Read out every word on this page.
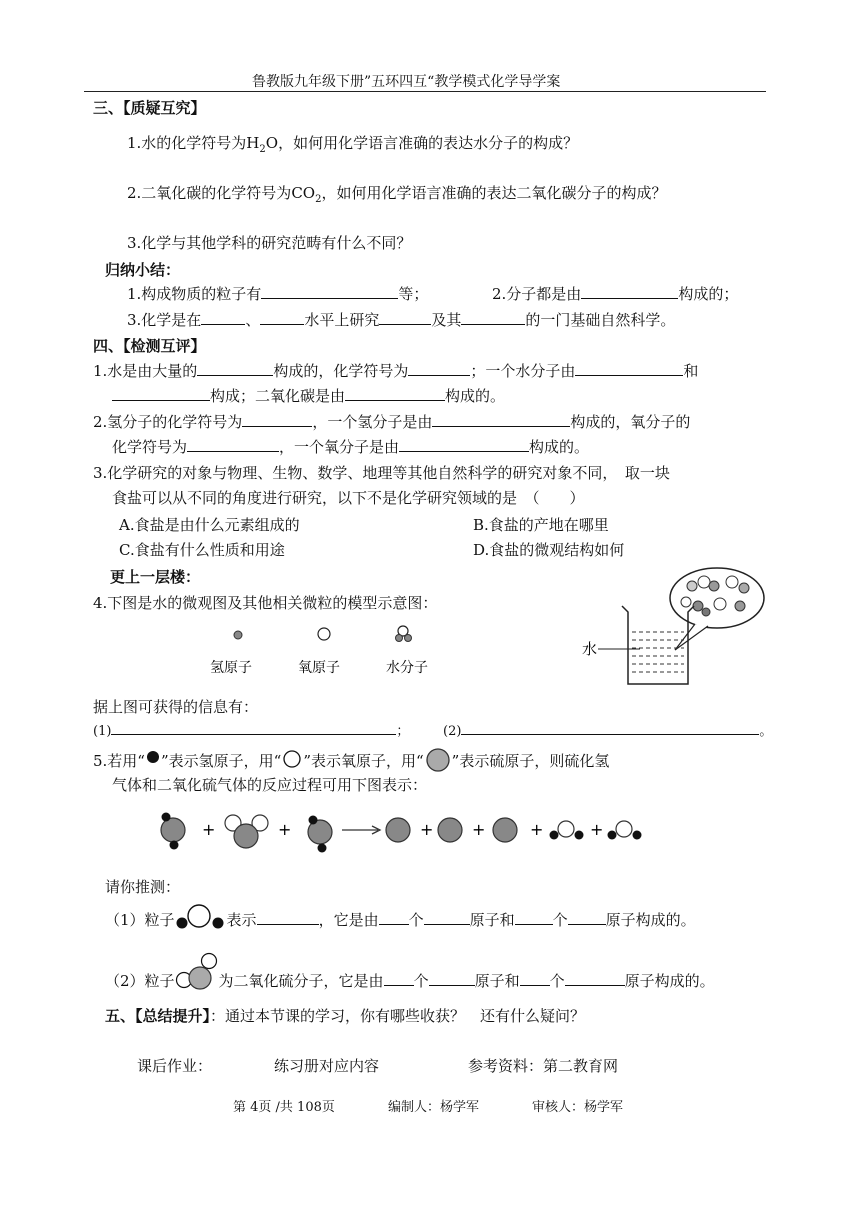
鲁教版九年级下册”五环四互“教学模式化学导学案
三、【质疑互究】
1.水的化学符号为$H_2O$，如何用化学语言准确的表达水分子的构成？
2.二氧化碳的化学符号为$CO_2$，如何用化学语言准确的表达二氧化碳分子的构成？
3.化学与其他学科的研究范畴有什么不同？
归纳小结：
1.构成物质的粒子有	等；	2.分子都是由	构成的；
3.化学是在	、	水平上研究	及其	的一门基础自然科学。
四、【检测互评】
1.水是由大量的	构成的，化学符号为	；一个水分子由	和
构成；二氧化碳是由	构成的。
2.氢分子的化学符号为	，一个氢分子是由	构成的，氧分子的
化学符号为	，一个氧分子是由	构成的。
3.化学研究的对象与物理、生物、数学、地理等其他自然科学的研究对象不同，　取一块
食盐可以从不同的角度进行研究，以下不是化学研究领域的是　（　　）
A.食盐是由什么元素组成的	B.食盐的产地在哪里
C.食盐有什么性质和用途	D.食盐的微观结构如何
更上一层楼：
4.下图是水的微观图及其他相关微粒的模型示意图：
氢原子	氧原子	水分子
水
据上图可获得的信息有：
(1)	；	(2)	。
5.若用“ ”表示氢原子，用“ ”表示氧原子，用“ ”表示硫原子，则硫化氢
气体和二氧化硫气体的反应过程可用下图表示：
+	+	+ +	+	+
请你推测：
（1）粒子	表示	，它是由 个	原子和	个	原子构成的。
（2）粒子	为二氧化硫分子，它是由 个	原子和 个	原子构成的。
五、【总结提升】：通过本节课的学习，你有哪些收获？　还有什么疑问？
课后作业：	练习册对应内容	参考资料：第二教育网
第 4页 /共 108页	编制人：杨学军	审核人：杨学军
